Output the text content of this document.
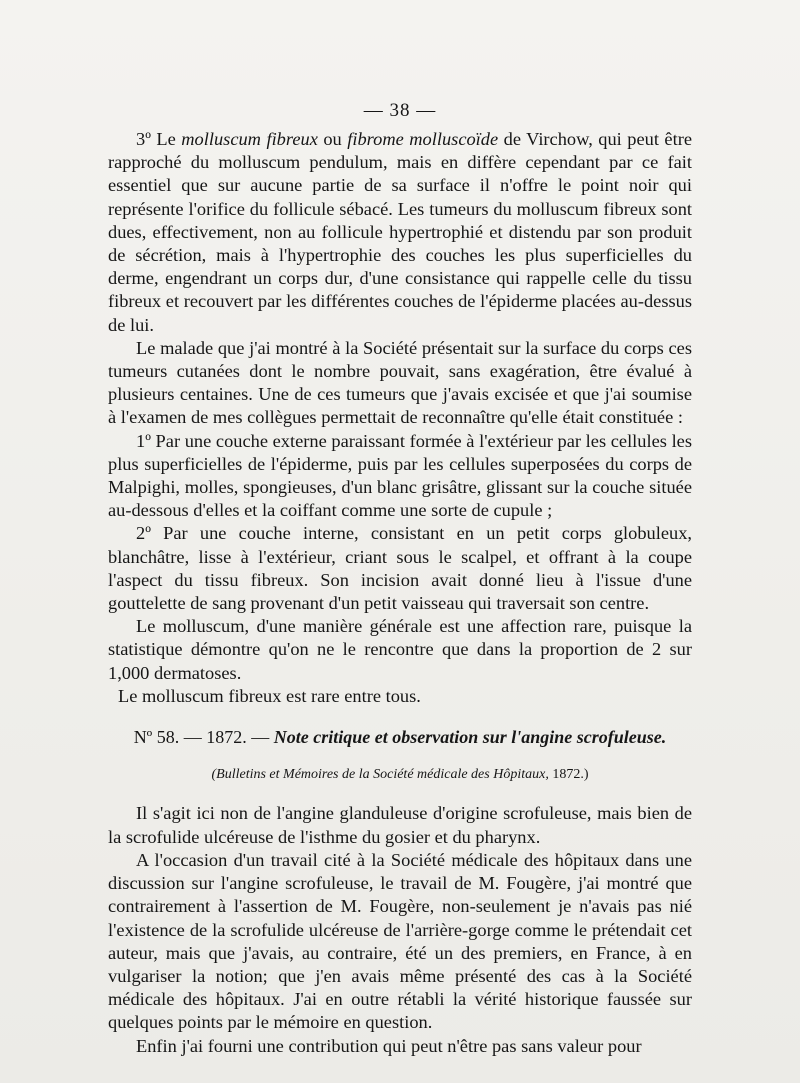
— 38 —

3º Le molluscum fibreux ou fibrome molluscoïde de Virchow, qui peut être rapproché du molluscum pendulum, mais en diffère cependant par ce fait essentiel que sur aucune partie de sa surface il n'offre le point noir qui représente l'orifice du follicule sébacé. Les tumeurs du molluscum fibreux sont dues, effectivement, non au follicule hypertrophié et distendu par son produit de sécrétion, mais à l'hypertrophie des couches les plus superficielles du derme, engendrant un corps dur, d'une consistance qui rappelle celle du tissu fibreux et recouvert par les différentes couches de l'épiderme placées au-dessus de lui.

Le malade que j'ai montré à la Société présentait sur la surface du corps ces tumeurs cutanées dont le nombre pouvait, sans exagération, être évalué à plusieurs centaines. Une de ces tumeurs que j'avais excisée et que j'ai soumise à l'examen de mes collègues permettait de reconnaître qu'elle était constituée :

1º Par une couche externe paraissant formée à l'extérieur par les cellules les plus superficielles de l'épiderme, puis par les cellules superposées du corps de Malpighi, molles, spongieuses, d'un blanc grisâtre, glissant sur la couche située au-dessous d'elles et la coiffant comme une sorte de cupule ;

2º Par une couche interne, consistant en un petit corps globuleux, blanchâtre, lisse à l'extérieur, criant sous le scalpel, et offrant à la coupe l'aspect du tissu fibreux. Son incision avait donné lieu à l'issue d'une gouttelette de sang provenant d'un petit vaisseau qui traversait son centre.

Le molluscum, d'une manière générale est une affection rare, puisque la statistique démontre qu'on ne le rencontre que dans la proportion de 2 sur 1,000 dermatoses.

Le molluscum fibreux est rare entre tous.

Nº 58. — 1872. — Note critique et observation sur l'angine scrofuleuse.
(Bulletins et Mémoires de la Société médicale des Hôpitaux, 1872.)

Il s'agit ici non de l'angine glanduleuse d'origine scrofuleuse, mais bien de la scrofulide ulcéreuse de l'isthme du gosier et du pharynx.

A l'occasion d'un travail cité à la Société médicale des hôpitaux dans une discussion sur l'angine scrofuleuse, le travail de M. Fougère, j'ai montré que contrairement à l'assertion de M. Fougère, non-seulement je n'avais pas nié l'existence de la scrofulide ulcéreuse de l'arrière-gorge comme le prétendait cet auteur, mais que j'avais, au contraire, été un des premiers, en France, à en vulgariser la notion; que j'en avais même présenté des cas à la Société médicale des hôpitaux. J'ai en outre rétabli la vérité historique faussée sur quelques points par le mémoire en question.

Enfin j'ai fourni une contribution qui peut n'être pas sans valeur pour
